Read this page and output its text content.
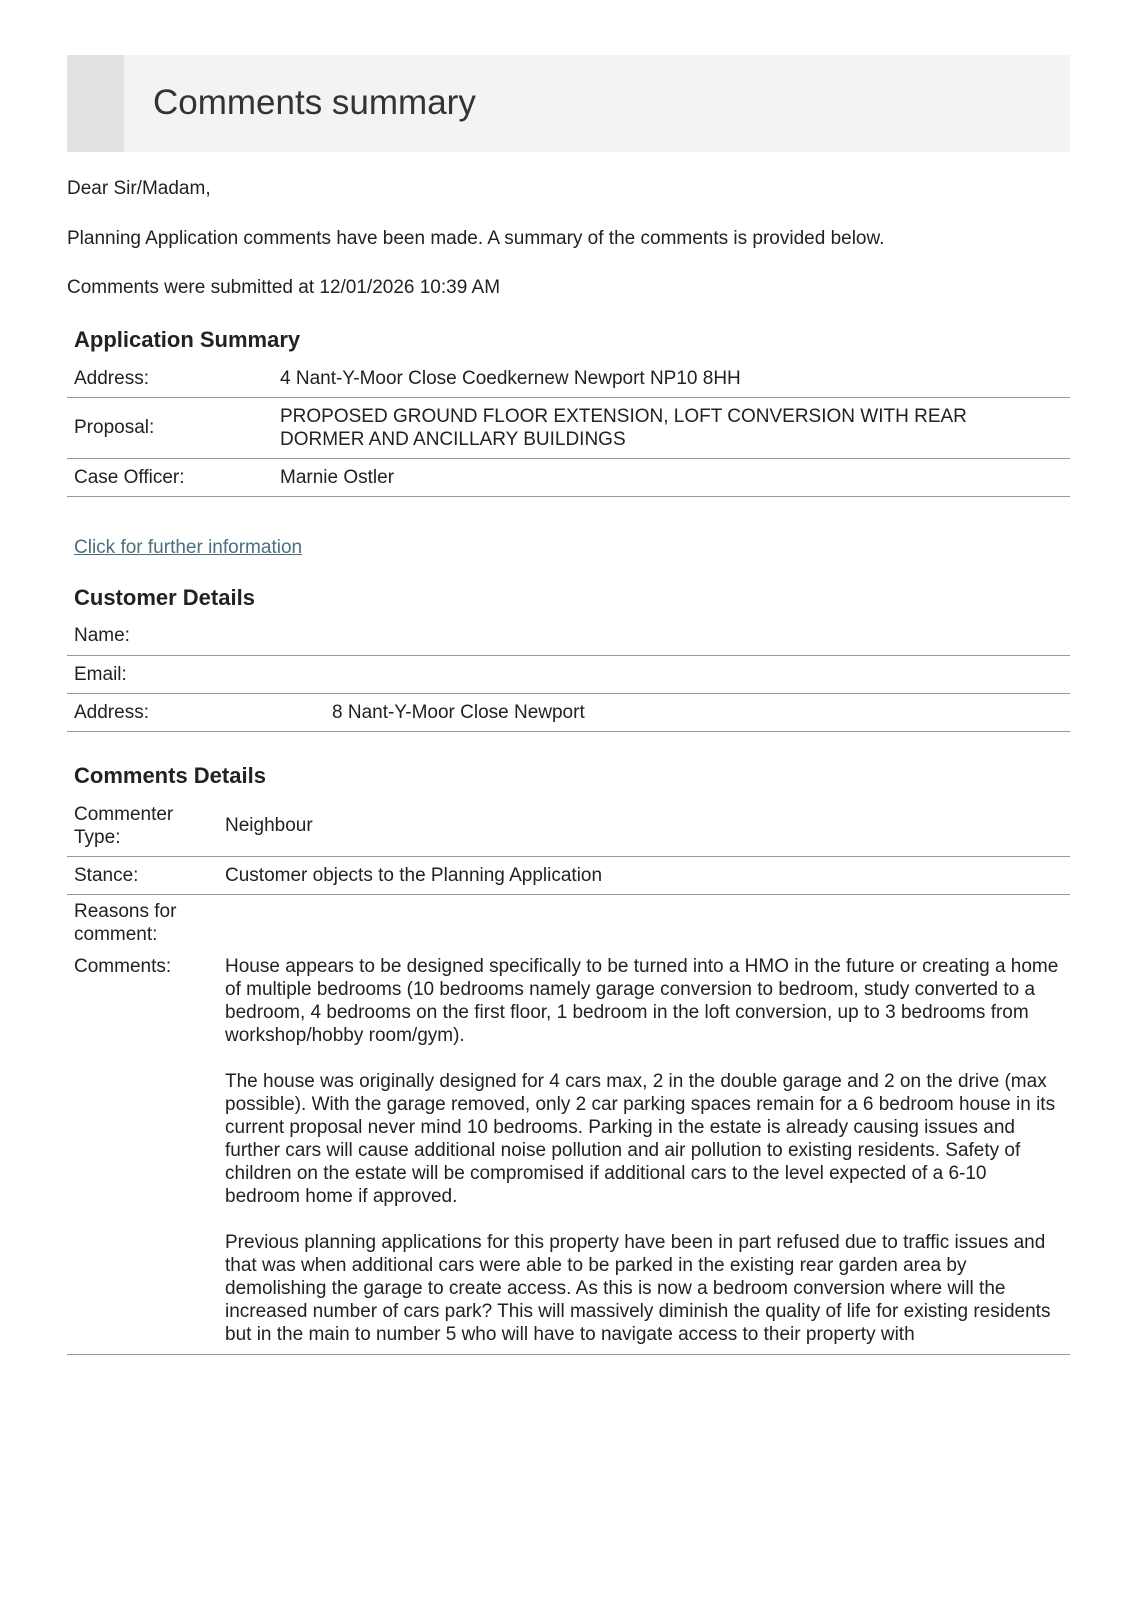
Comments summary

Dear Sir/Madam,

Planning Application comments have been made. A summary of the comments is provided below.

Comments were submitted at 12/01/2026 10:39 AM

Application Summary
Address:	4 Nant-Y-Moor Close Coedkernew Newport NP10 8HH
Proposal:	PROPOSED GROUND FLOOR EXTENSION, LOFT CONVERSION WITH REAR DORMER AND ANCILLARY BUILDINGS
Case Officer:	Marnie Ostler
Click for further information
Customer Details
Name:	
Email:	
Address:	8 Nant-Y-Moor Close Newport
Comments Details
Commenter Type:	Neighbour
Stance:	Customer objects to the Planning Application
Reasons for comment:	
Comments:	House appears to be designed specifically to be turned into a HMO in the future or creating a home of multiple bedrooms (10 bedrooms namely garage conversion to bedroom, study converted to a bedroom, 4 bedrooms on the first floor, 1 bedroom in the loft conversion, up to 3 bedrooms from workshop/hobby room/gym).

The house was originally designed for 4 cars max, 2 in the double garage and 2 on the drive (max possible). With the garage removed, only 2 car parking spaces remain for a 6 bedroom house in its current proposal never mind 10 bedrooms. Parking in the estate is already causing issues and further cars will cause additional noise pollution and air pollution to existing residents. Safety of children on the estate will be compromised if additional cars to the level expected of a 6-10 bedroom home if approved.

Previous planning applications for this property have been in part refused due to traffic issues and that was when additional cars were able to be parked in the existing rear garden area by demolishing the garage to create access. As this is now a bedroom conversion where will the increased number of cars park? This will massively diminish the quality of life for existing residents but in the main to number 5 who will have to navigate access to their property with
